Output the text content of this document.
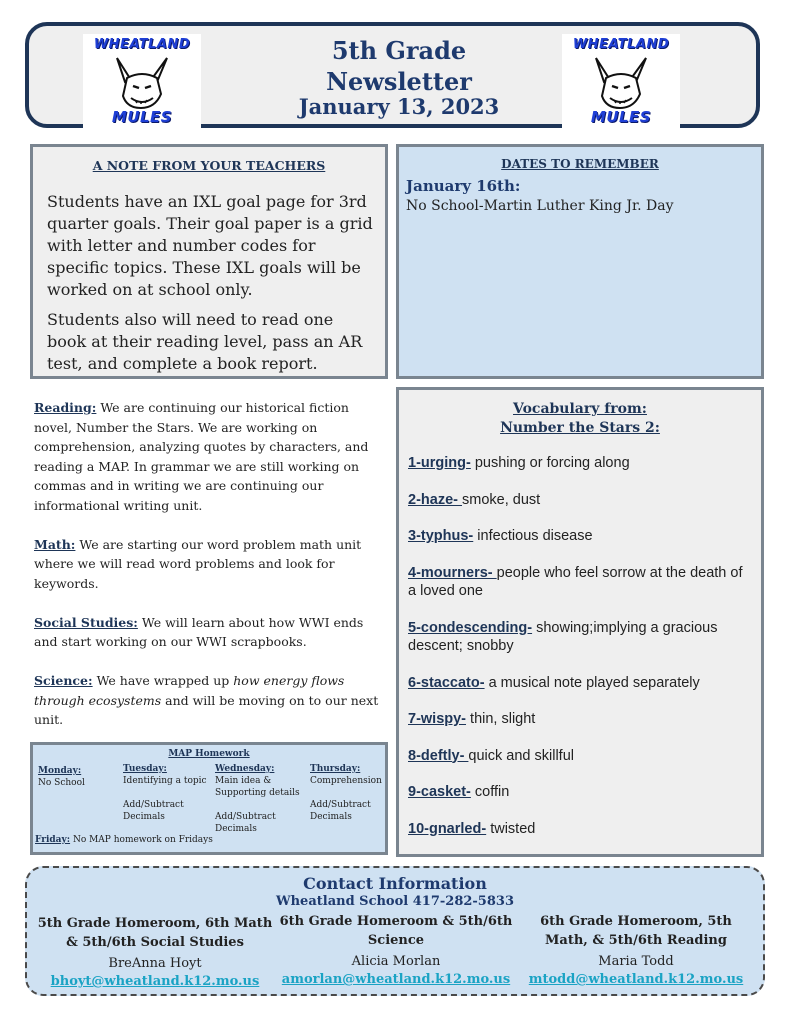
WHEATLAND
MULES
5th Grade
Newsletter
January 13, 2023
WHEATLAND
MULES
A NOTE FROM YOUR TEACHERS

Students have an IXL goal page for 3rd quarter goals. Their goal paper is a grid with letter and number codes for specific topics. These IXL goals will be worked on at school only.

Students also will need to read one book at their reading level, pass an AR test, and complete a book report.

DATES TO REMEMBER
January 16th:
No School-Martin Luther King Jr. Day

Reading: We are continuing our historical fiction novel, Number the Stars. We are working on comprehension, analyzing quotes by characters, and reading a MAP. In grammar we are still working on commas and in writing we are continuing our informational writing unit.

Math: We are starting our word problem math unit where we will read word problems and look for keywords.

Social Studies: We will learn about how WWI ends and start working on our WWI scrapbooks.

Science: We have wrapped up how energy flows through ecosystems and will be moving on to our next unit.

Vocabulary from:
Number the Stars 2:
1-urging- pushing or forcing along
2-haze- smoke, dust
3-typhus- infectious disease
4-mourners- people who feel sorrow at the death of a loved one
5-condescending- showing;implying a gracious descent; snobby
6-staccato- a musical note played separately
7-wispy- thin, slight
8-deftly- quick and skillful
9-casket- coffin
10-gnarled- twisted
MAP Homework
Monday:
No School
Tuesday:
Identifying a topic
Add/Subtract
Decimals
Wednesday:
Main idea &
Supporting details
Add/Subtract
Decimals
Thursday:
Comprehension
Add/Subtract
Decimals
Friday: No MAP homework on Fridays
Contact Information
Wheatland School 417-282-5833
5th Grade Homeroom, 6th Math & 5th/6th Social Studies
BreAnna Hoyt
bhoyt@wheatland.k12.mo.us
6th Grade Homeroom & 5th/6th Science
Alicia Morlan
amorlan@wheatland.k12.mo.us
6th Grade Homeroom, 5th Math, & 5th/6th Reading
Maria Todd
mtodd@wheatland.k12.mo.us
